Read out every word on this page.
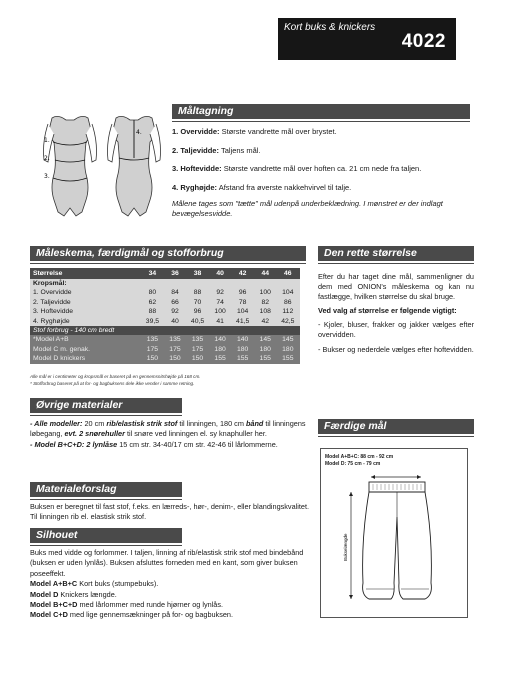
Kort buks & knickers
4022
Måltagning
1.
2.
3.
4.	1. Overvidde: Største vandrette mål over brystet.
2. Taljevidde: Taljens mål.
3. Hoftevidde: Største vandrette mål over hoften ca. 21 cm nede fra taljen.
4. Ryghøjde: Afstand fra øverste nakkehvirvel til talje.
Målene tages som "tætte" mål udenpå underbeklædning. I mønstret er der indlagt bevægelsesvidde.
Måleskema, færdigmål og stofforbrug
Størrelse	34	36	38	40	42	44	46
Kropsmål:							
1. Overvidde	80	84	88	92	96	100	104
2. Taljevidde	62	66	70	74	78	82	86
3. Hoftevidde	88	92	96	100	104	108	112
4. Ryghøjde	39,5	40	40,5	41	41,5	42	42,5
Stof forbrug - 140 cm bredt							
*Model A+B	135	135	135	140	140	145	145
Model C m. genak.	175	175	175	180	180	180	180
Model D knickers	150	150	150	155	155	155	155
Alle mål er i centimeter og kropsmål er baseret på en gennemsnitshøjde på 168 cm.
* Stofforbrug baseret på at for- og bagbuksens dele ikke vender i samme retning.
Den rette størrelse

Efter du har taget dine mål, sammenligner du dem med ONION's måleskema og kan nu fastlægge, hvilken størrelse du skal bruge.

Ved valg af størrelse er følgende vigtigt:

- Kjoler, bluser, frakker og jakker vælges efter overvidden.

- Bukser og nederdele vælges efter hoftevidden.

Færdige mål
Model A+B+C: 88 cm - 92 cm
Model D: 75 cm - 79 cm
Bukselængde
Øvrige materialer
- Alle modeller: 20 cm rib/elastisk strik stof til linningen, 180 cm bånd til linningens løbegang, evt. 2 snørehuller til snøre ved linningen el. sy knaphuller her.
- Model B+C+D: 2 lynlåse 15 cm str. 34-40/17 cm str. 42-46 til lårlommerne.
Materialeforslag
Buksen er beregnet til fast stof, f.eks. en lærreds-, hør-, denim-, eller blandingskvalitet. Til linningen rib el. elastisk strik stof.
Silhouet
Buks med vidde og forlommer. I taljen, linning af rib/elastisk strik stof med bindebånd (buksen er uden lynlås). Buksen afsluttes forneden med en kant, som giver buksen poseeffekt.
Model A+B+C Kort buks (stumpebuks).
Model D Knickers længde.
Model B+C+D med lårlommer med runde hjørner og lynlås.
Model C+D med lige gennemsækninger på for- og bagbuksen.
